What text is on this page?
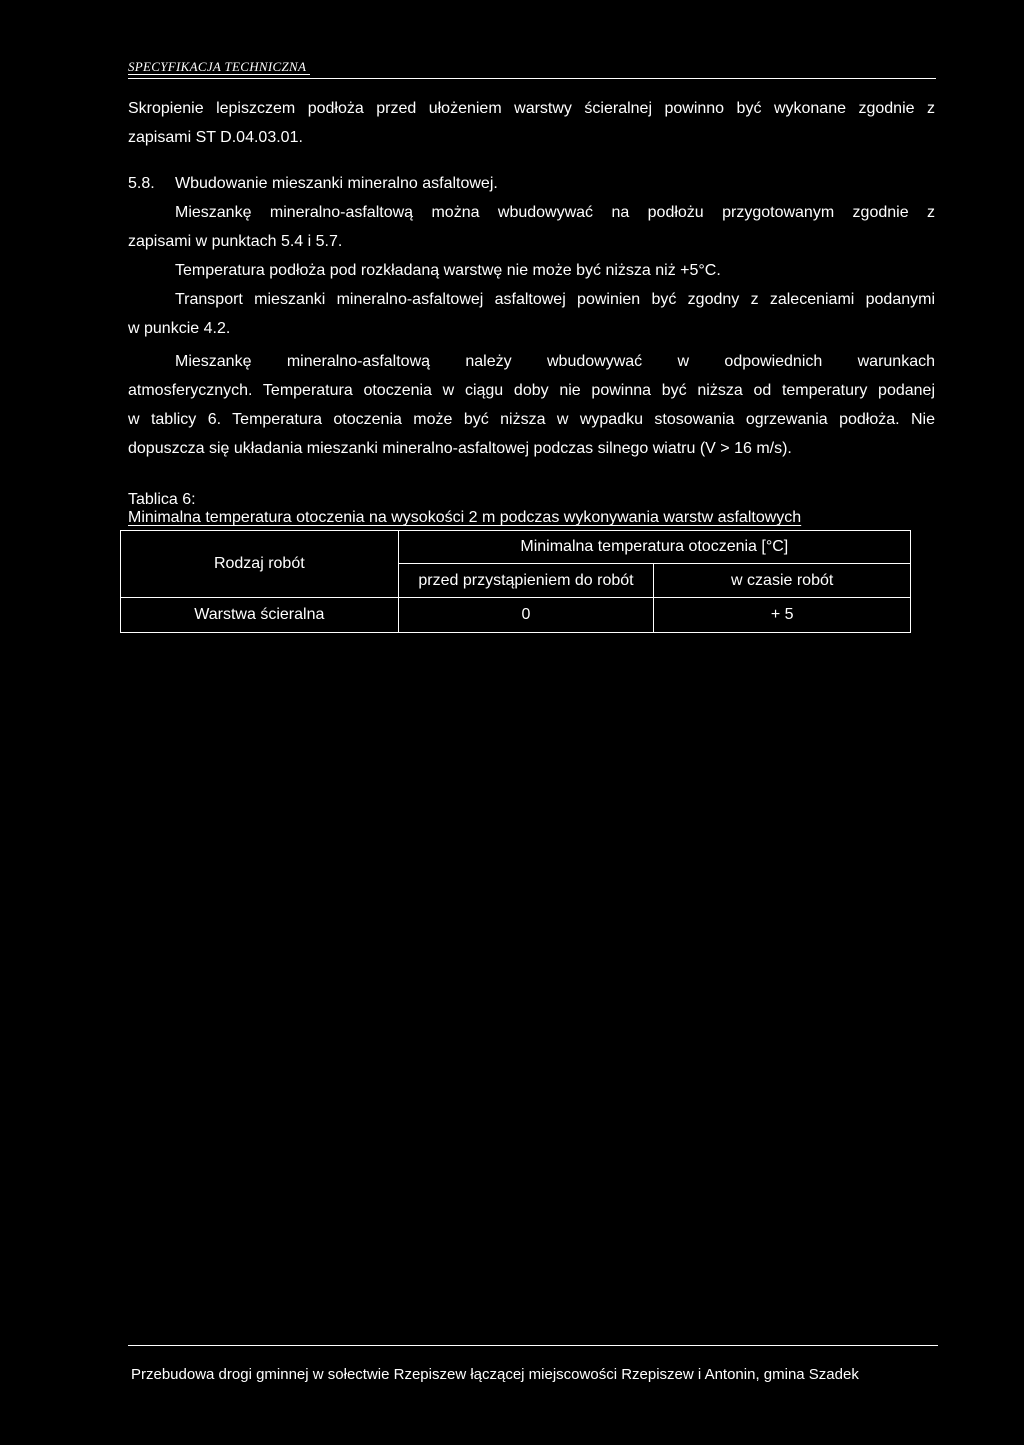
SPECYFIKACJA TECHNICZNA
Skropienie lepiszczem podłoża przed ułożeniem warstwy ścieralnej powinno być wykonane zgodnie z
zapisami ST D.04.03.01.
5.8. Wbudowanie mieszanki mineralno asfaltowej.
Mieszankę mineralno-asfaltową można wbudowywać na podłożu przygotowanym zgodnie z
zapisami w punktach 5.4 i 5.7.
Temperatura podłoża pod rozkładaną warstwę nie może być niższa niż +5°C.
Transport mieszanki mineralno-asfaltowej asfaltowej powinien być zgodny z zaleceniami podanymi
w punkcie 4.2.
Mieszankę mineralno-asfaltową należy wbudowywać w odpowiednich warunkach
atmosferycznych. Temperatura otoczenia w ciągu doby nie powinna być niższa od temperatury podanej
w tablicy 6. Temperatura otoczenia może być niższa w wypadku stosowania ogrzewania podłoża. Nie
dopuszcza się układania mieszanki mineralno-asfaltowej podczas silnego wiatru (V > 16 m/s).
Tablica 6:
Minimalna temperatura otoczenia na wysokości 2 m podczas wykonywania warstw asfaltowych
Rodzaj robót	Minimalna temperatura otoczenia [°C]	
	przed przystąpieniem do robót	w czasie robót
Warstwa ścieralna	0	+ 5
Przebudowa drogi gminnej w sołectwie Rzepiszew łączącej miejscowości Rzepiszew i Antonin, gmina Szadek
